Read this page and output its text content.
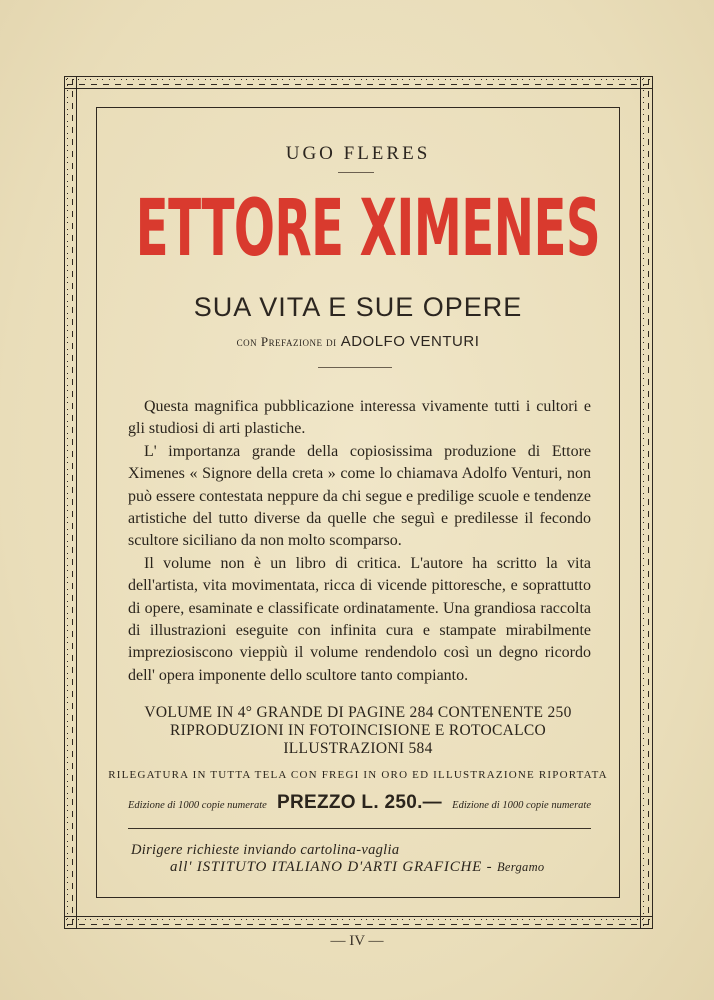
UGO FLERES
ETTORE XIMENES
SUA VITA E SUE OPERE
con Prefazione di ADOLFO VENTURI

Questa magnifica pubblicazione interessa vivamente tutti i cultori e gli studiosi di arti plastiche.

L' importanza grande della copiosissima produzione di Ettore Ximenes « Signore della creta » come lo chiamava Adolfo Venturi, non può essere contestata neppure da chi segue e predilige scuole e tendenze artistiche del tutto diverse da quelle che seguì e predilesse il fecondo scultore siciliano da non molto scomparso.

Il volume non è un libro di critica. L'autore ha scritto la vita dell'artista, vita movimentata, ricca di vicende pittoresche, e soprattutto di opere, esaminate e classificate ordinatamente. Una grandiosa raccolta di illustrazioni eseguite con infinita cura e stampate mirabilmente impreziosiscono vieppiù il volume rendendolo così un degno ricordo dell' opera imponente dello scultore tanto compianto.

VOLUME IN 4° GRANDE DI PAGINE 284 CONTENENTE 250
RIPRODUZIONI IN FOTOINCISIONE E ROTOCALCO
ILLUSTRAZIONI 584
RILEGATURA IN TUTTA TELA CON FREGI IN ORO ED ILLUSTRAZIONE RIPORTATA
Edizione di 1000 copie numerate PREZZO L. 250.— Edizione di 1000 copie numerate
Dirigere richieste inviando cartolina-vaglia
all' ISTITUTO ITALIANO D'ARTI GRAFICHE - Bergamo
— IV —
